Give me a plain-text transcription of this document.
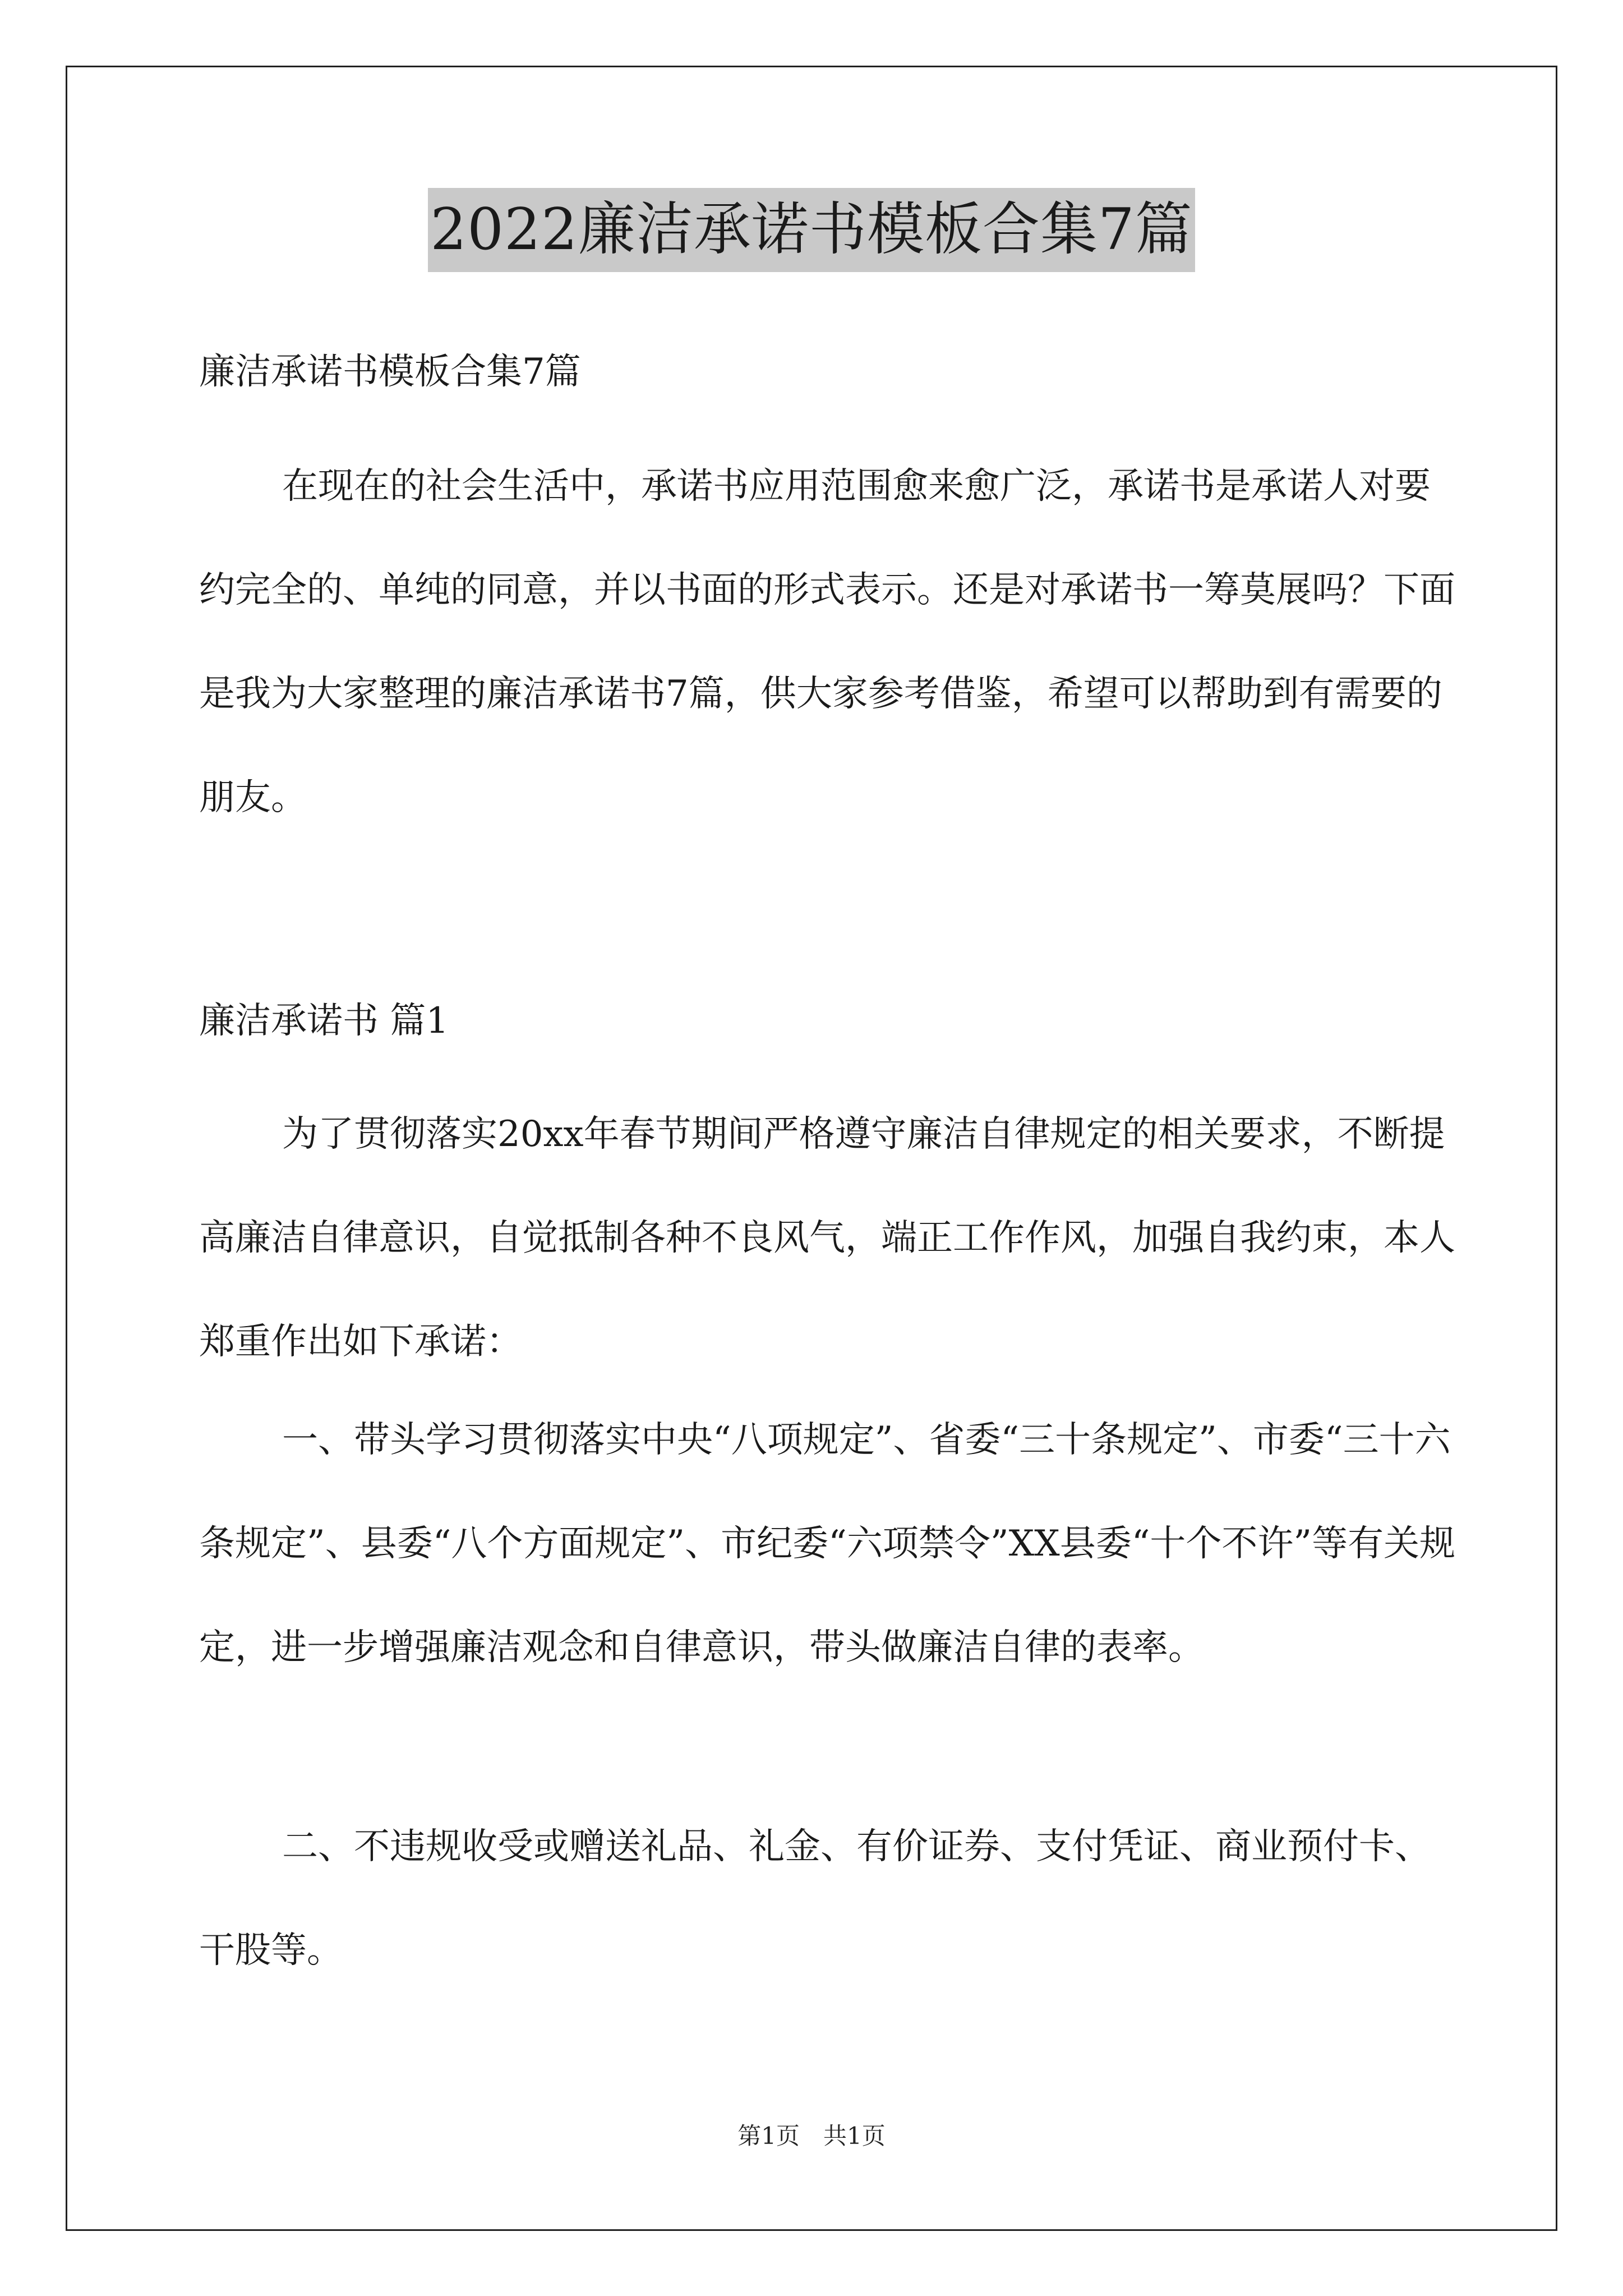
2022廉洁承诺书模板合集7篇

廉洁承诺书模板合集7篇

在现在的社会生活中，承诺书应用范围愈来愈广泛，承诺书是承诺人对要约完全的、单纯的同意，并以书面的形式表示。还是对承诺书一筹莫展吗？下面是我为大家整理的廉洁承诺书7篇，供大家参考借鉴，希望可以帮助到有需要的朋友。

廉洁承诺书 篇1

为了贯彻落实20xx年春节期间严格遵守廉洁自律规定的相关要求，不断提高廉洁自律意识，自觉抵制各种不良风气，端正工作作风，加强自我约束，本人郑重作出如下承诺：

一、带头学习贯彻落实中央“八项规定”、省委“三十条规定”、市委“三十六条规定”、县委“八个方面规定”、市纪委“六项禁令”XX县委“十个不许”等有关规定，进一步增强廉洁观念和自律意识，带头做廉洁自律的表率。

二、不违规收受或赠送礼品、礼金、有价证券、支付凭证、商业预付卡、干股等。

第1页　共1页
